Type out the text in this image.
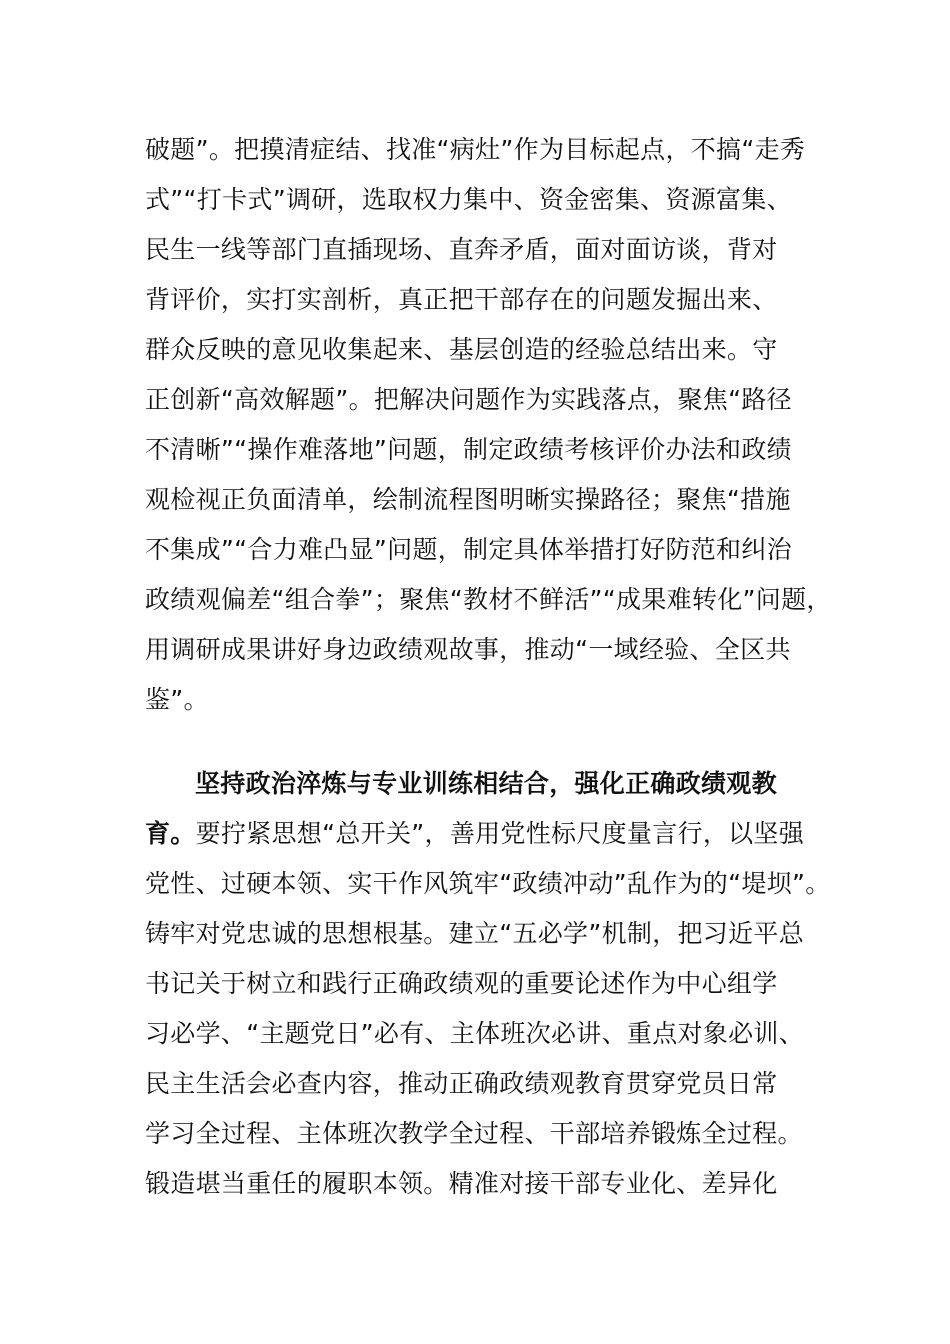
破题”。把摸清症结、找准“病灶”作为目标起点，不搞“走秀
式”“打卡式”调研，选取权力集中、资金密集、资源富集、
民生一线等部门直插现场、直奔矛盾，面对面访谈，背对
背评价，实打实剖析，真正把干部存在的问题发掘出来、
群众反映的意见收集起来、基层创造的经验总结出来。守
正创新“高效解题”。把解决问题作为实践落点，聚焦“路径
不清晰”“操作难落地”问题，制定政绩考核评价办法和政绩
观检视正负面清单，绘制流程图明晰实操路径；聚焦“措施
不集成”“合力难凸显”问题，制定具体举措打好防范和纠治
政绩观偏差“组合拳”；聚焦“教材不鲜活”“成果难转化”问题，
用调研成果讲好身边政绩观故事，推动“一域经验、全区共
鉴”。
坚持政治淬炼与专业训练相结合，强化正确政绩观教
育。要拧紧思想“总开关”，善用党性标尺度量言行，以坚强
党性、过硬本领、实干作风筑牢“政绩冲动”乱作为的“堤坝”。
铸牢对党忠诚的思想根基。建立“五必学”机制，把习近平总
书记关于树立和践行正确政绩观的重要论述作为中心组学
习必学、“主题党日”必有、主体班次必讲、重点对象必训、
民主生活会必查内容，推动正确政绩观教育贯穿党员日常
学习全过程、主体班次教学全过程、干部培养锻炼全过程。
锻造堪当重任的履职本领。精准对接干部专业化、差异化
